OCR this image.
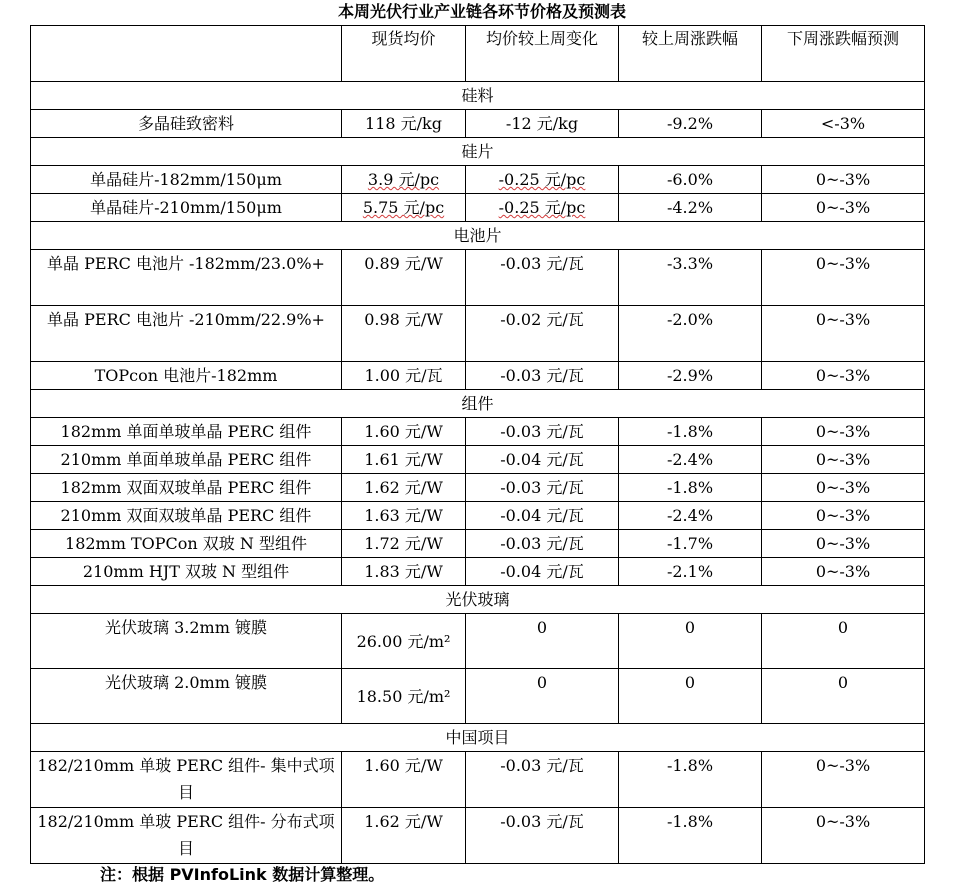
本周光伏行业产业链各环节价格及预测表
	现货均价	均价较上周变化	较上周涨跌幅	下周涨跌幅预测
硅料				
多晶硅致密料	118 元/kg	-12 元/kg	-9.2%	<-3%
硅片				
单晶硅片-182mm/150μm	3.9 元/pc	-0.25 元/pc	-6.0%	0~-3%
单晶硅片-210mm/150μm	5.75 元/pc	-0.25 元/pc	-4.2%	0~-3%
电池片				
单晶 PERC 电池片 -182mm/23.0%+	0.89 元/W	-0.03 元/瓦	-3.3%	0~-3%
单晶 PERC 电池片 -210mm/22.9%+	0.98 元/W	-0.02 元/瓦	-2.0%	0~-3%
TOPcon 电池片-182mm	1.00 元/瓦	-0.03 元/瓦	-2.9%	0~-3%
组件				
182mm 单面单玻单晶 PERC 组件	1.60 元/W	-0.03 元/瓦	-1.8%	0~-3%
210mm 单面单玻单晶 PERC 组件	1.61 元/W	-0.04 元/瓦	-2.4%	0~-3%
182mm 双面双玻单晶 PERC 组件	1.62 元/W	-0.03 元/瓦	-1.8%	0~-3%
210mm 双面双玻单晶 PERC 组件	1.63 元/W	-0.04 元/瓦	-2.4%	0~-3%
182mm TOPCon 双玻 N 型组件	1.72 元/W	-0.03 元/瓦	-1.7%	0~-3%
210mm HJT 双玻 N 型组件	1.83 元/W	-0.04 元/瓦	-2.1%	0~-3%
光伏玻璃				
光伏玻璃 3.2mm 镀膜	26.00 元/m²	0	0	0
光伏玻璃 2.0mm 镀膜	18.50 元/m²	0	0	0
中国项目				
182/210mm 单玻 PERC 组件- 集中式项目	1.60 元/W	-0.03 元/瓦	-1.8%	0~-3%
182/210mm 单玻 PERC 组件- 分布式项目	1.62 元/W	-0.03 元/瓦	-1.8%	0~-3%
注：根据 PVInfoLink 数据计算整理。
